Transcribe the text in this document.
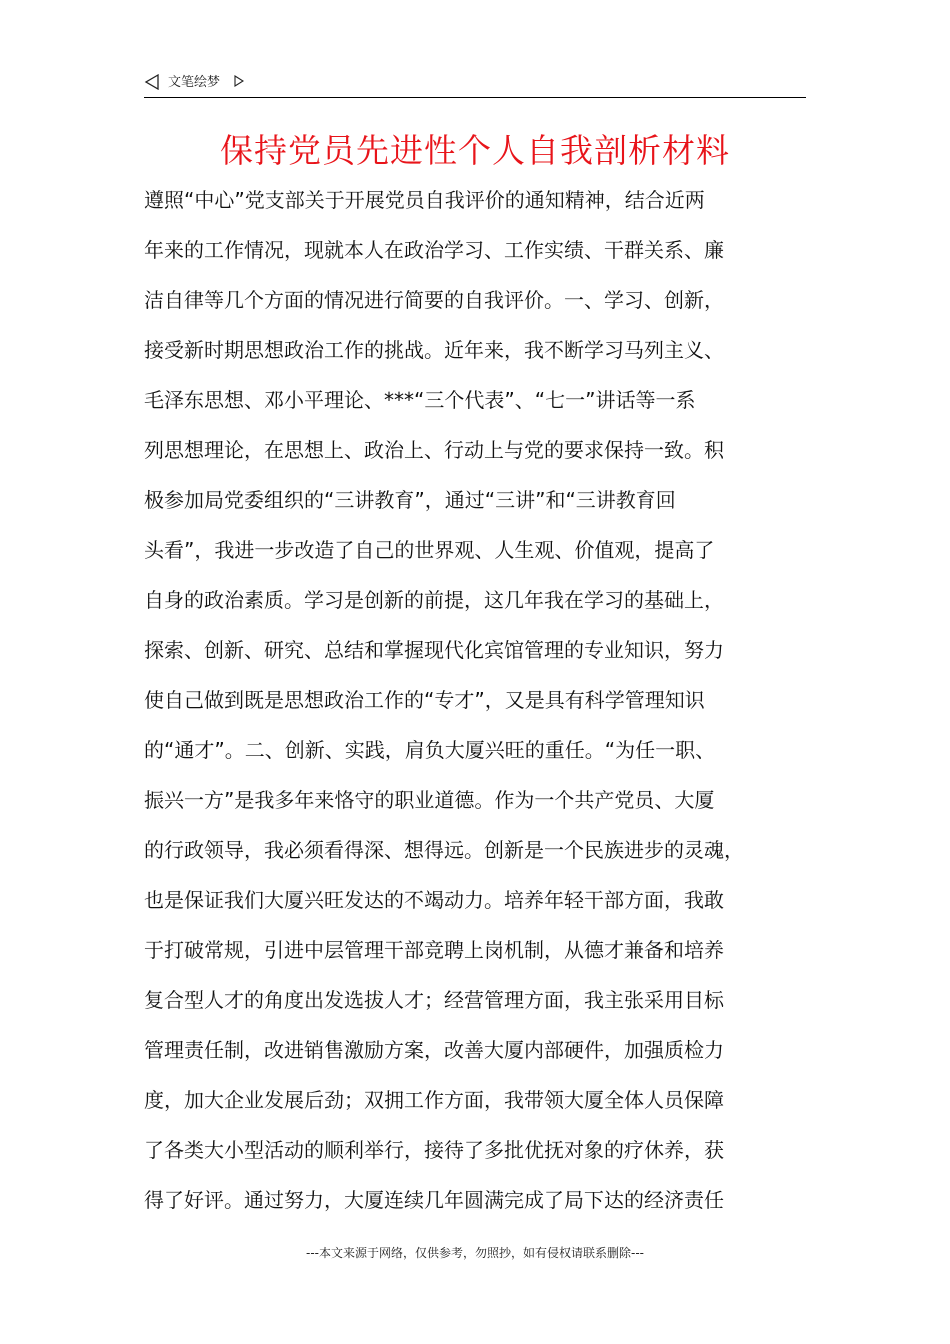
文笔绘梦
保持党员先进性个人自我剖析材料
遵照“中心”党支部关于开展党员自我评价的通知精神，结合近两
年来的工作情况，现就本人在政治学习、工作实绩、干群关系、廉
洁自律等几个方面的情况进行简要的自我评价。一、学习、创新，
接受新时期思想政治工作的挑战。近年来，我不断学习马列主义、
毛泽东思想、邓小平理论、***“三个代表”、“七一”讲话等一系
列思想理论，在思想上、政治上、行动上与党的要求保持一致。积
极参加局党委组织的“三讲教育”，通过“三讲”和“三讲教育回
头看”，我进一步改造了自己的世界观、人生观、价值观，提高了
自身的政治素质。学习是创新的前提，这几年我在学习的基础上，
探索、创新、研究、总结和掌握现代化宾馆管理的专业知识，努力
使自己做到既是思想政治工作的“专才”，又是具有科学管理知识
的“通才”。二、创新、实践，肩负大厦兴旺的重任。“为任一职、
振兴一方”是我多年来恪守的职业道德。作为一个共产党员、大厦
的行政领导，我必须看得深、想得远。创新是一个民族进步的灵魂，
也是保证我们大厦兴旺发达的不竭动力。培养年轻干部方面，我敢
于打破常规，引进中层管理干部竞聘上岗机制，从德才兼备和培养
复合型人才的角度出发选拔人才；经营管理方面，我主张采用目标
管理责任制，改进销售激励方案，改善大厦内部硬件，加强质检力
度，加大企业发展后劲；双拥工作方面，我带领大厦全体人员保障
了各类大小型活动的顺利举行，接待了多批优抚对象的疗休养，获
得了好评。通过努力，大厦连续几年圆满完成了局下达的经济责任
---本文来源于网络，仅供参考，勿照抄，如有侵权请联系删除---
